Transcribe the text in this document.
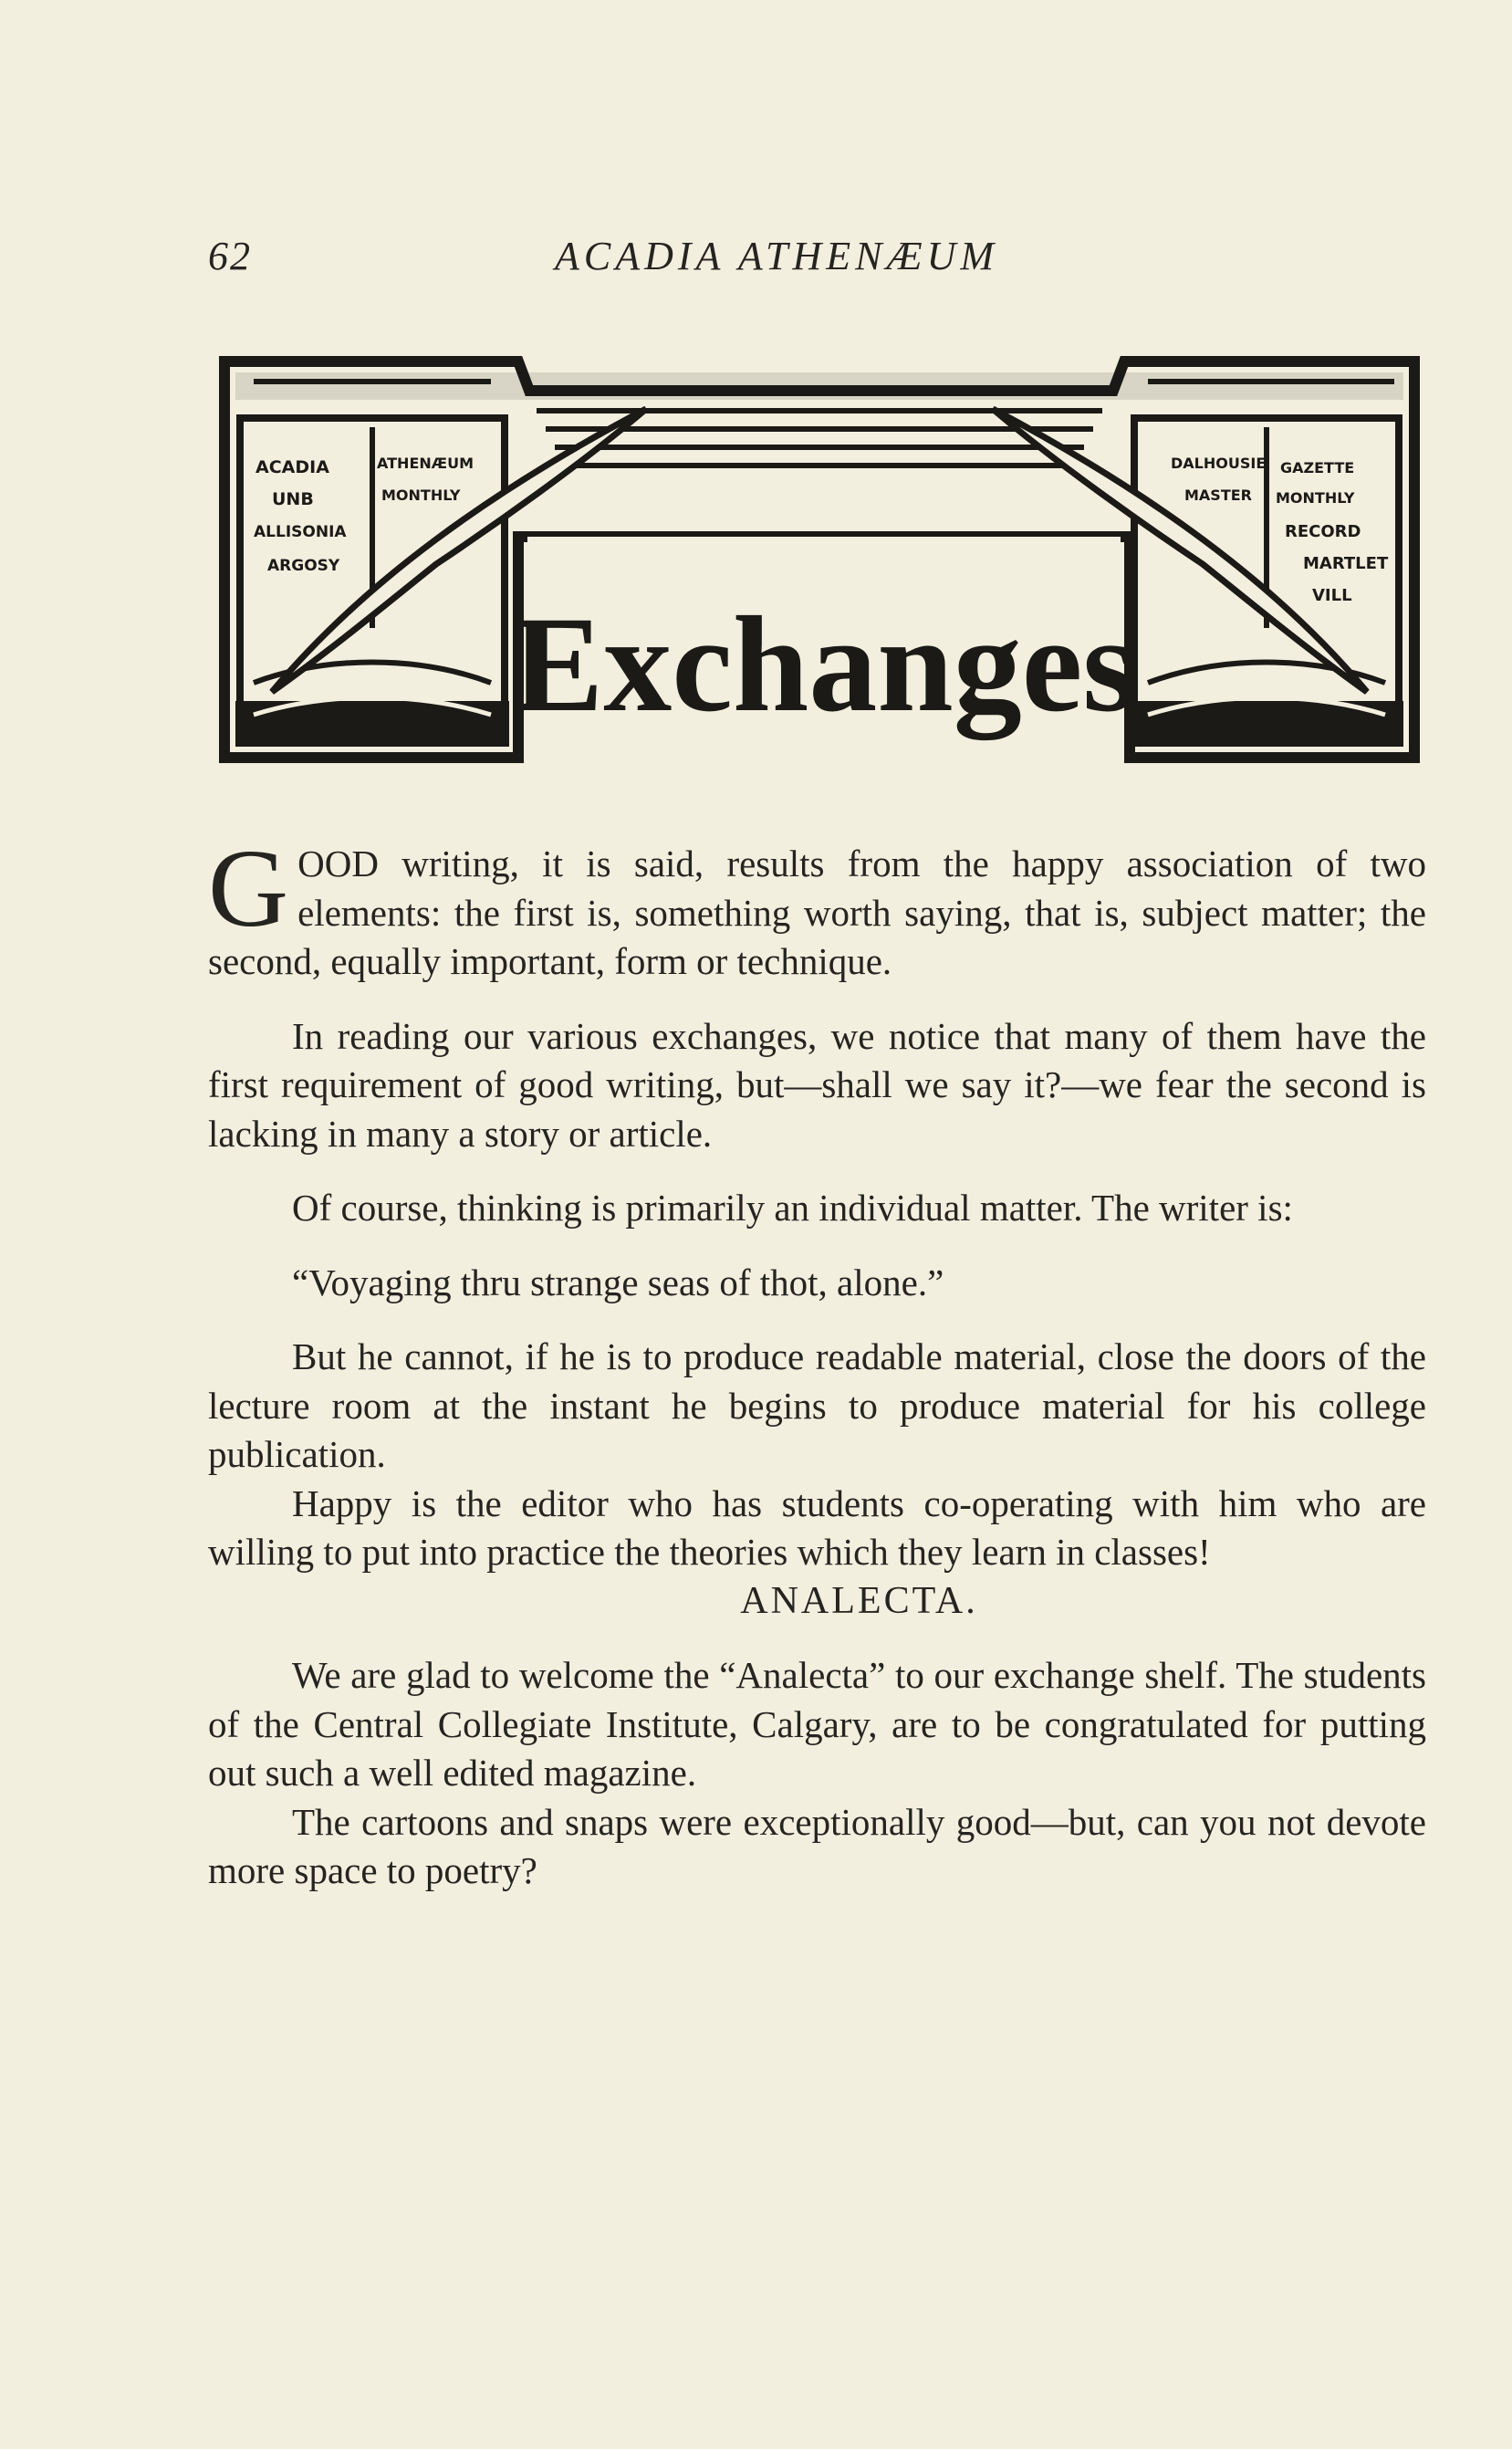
62	ACADIA ATHENÆUM
ACADIA	ATHENÆUM
UNB	MONTHLY
ALLISONIA
ARGOSY
DALHOUSIE GAZETTE
MASTER MONTHLY
RECORD
MARTLET
VILL
Exchanges

GOOD writing, it is said, results from the happy association of two elements: the first is, something worth saying, that is, subject matter; the second, equally important, form or technique.

In reading our various exchanges, we notice that many of them have the first requirement of good writing, but—shall we say it?—we fear the second is lacking in many a story or article.

Of course, thinking is primarily an individual matter. The writer is:

“Voyaging thru strange seas of thot, alone.”

But he cannot, if he is to produce readable material, close the doors of the lecture room at the instant he begins to produce material for his college publication.

Happy is the editor who has students co-operating with him who are willing to put into practice the theories which they learn in classes!

ANALECTA.

We are glad to welcome the “Analecta” to our exchange shelf. The students of the Central Collegiate Institute, Calgary, are to be congratulated for putting out such a well edited magazine.

The cartoons and snaps were exceptionally good—but, can you not devote more space to poetry?
